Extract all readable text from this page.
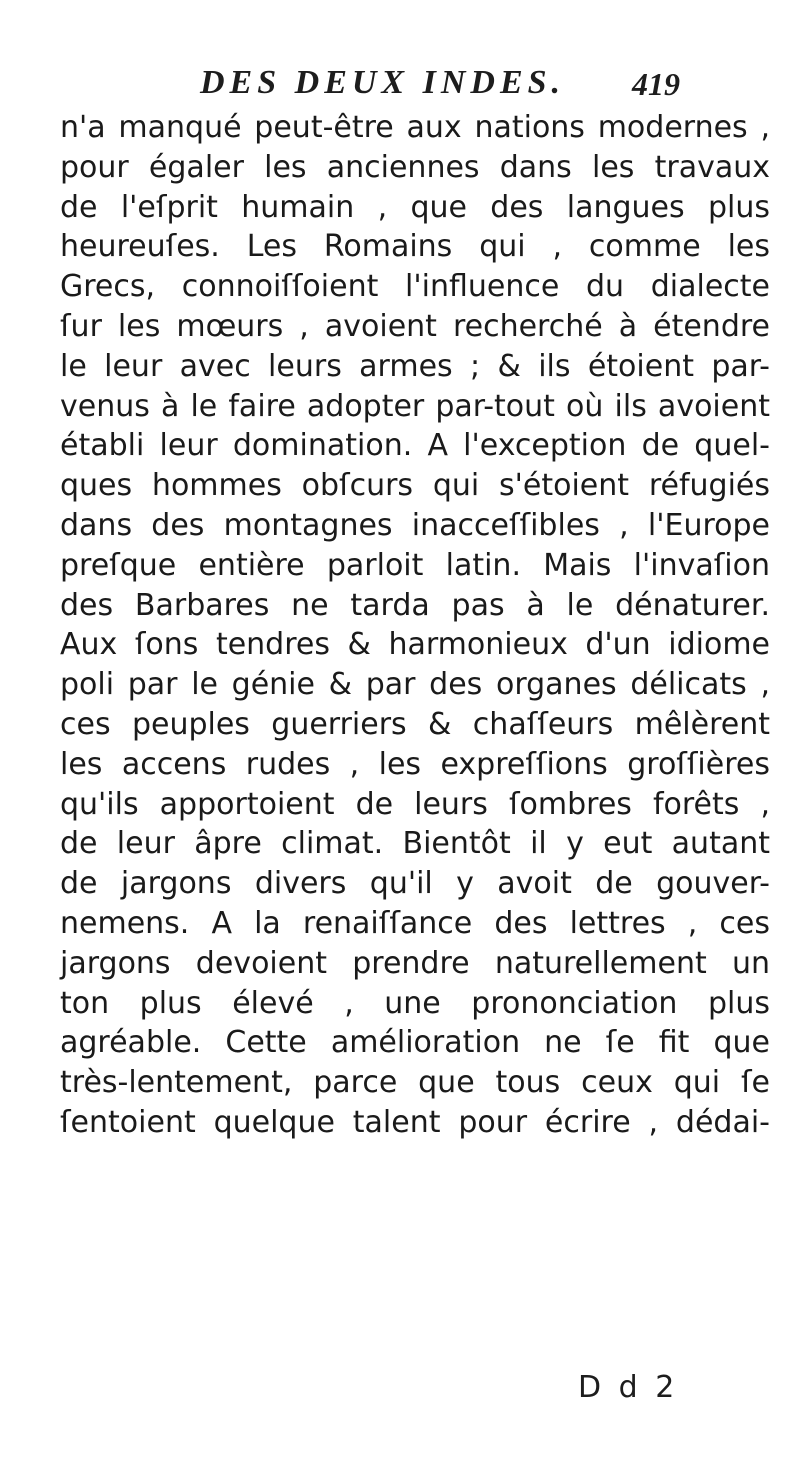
DES DEUX INDES. 419
n'a manqué peut-être aux nations modernes ,
pour égaler les anciennes dans les travaux
de l'eſprit humain , que des langues plus
heureuſes. Les Romains qui , comme les
Grecs, connoiſſoient l'influence du dialecte
ſur les mœurs , avoient recherché à étendre
le leur avec leurs armes ; & ils étoient par-
venus à le faire adopter par-tout où ils avoient
établi leur domination. A l'exception de quel-
ques hommes obſcurs qui s'étoient réfugiés
dans des montagnes inacceſſibles , l'Europe
preſque entière parloit latin. Mais l'invaſion
des Barbares ne tarda pas à le dénaturer.
Aux ſons tendres & harmonieux d'un idiome
poli par le génie & par des organes délicats ,
ces peuples guerriers & chaſſeurs mêlèrent
les accens rudes , les expreſſions groſſières
qu'ils apportoient de leurs ſombres forêts ,
de leur âpre climat. Bientôt il y eut autant
de jargons divers qu'il y avoit de gouver-
nemens. A la renaiſſance des lettres , ces
jargons devoient prendre naturellement un
ton plus élevé , une prononciation plus
agréable. Cette amélioration ne ſe fit que
très-lentement, parce que tous ceux qui ſe
ſentoient quelque talent pour écrire , dédai-
D d 2
